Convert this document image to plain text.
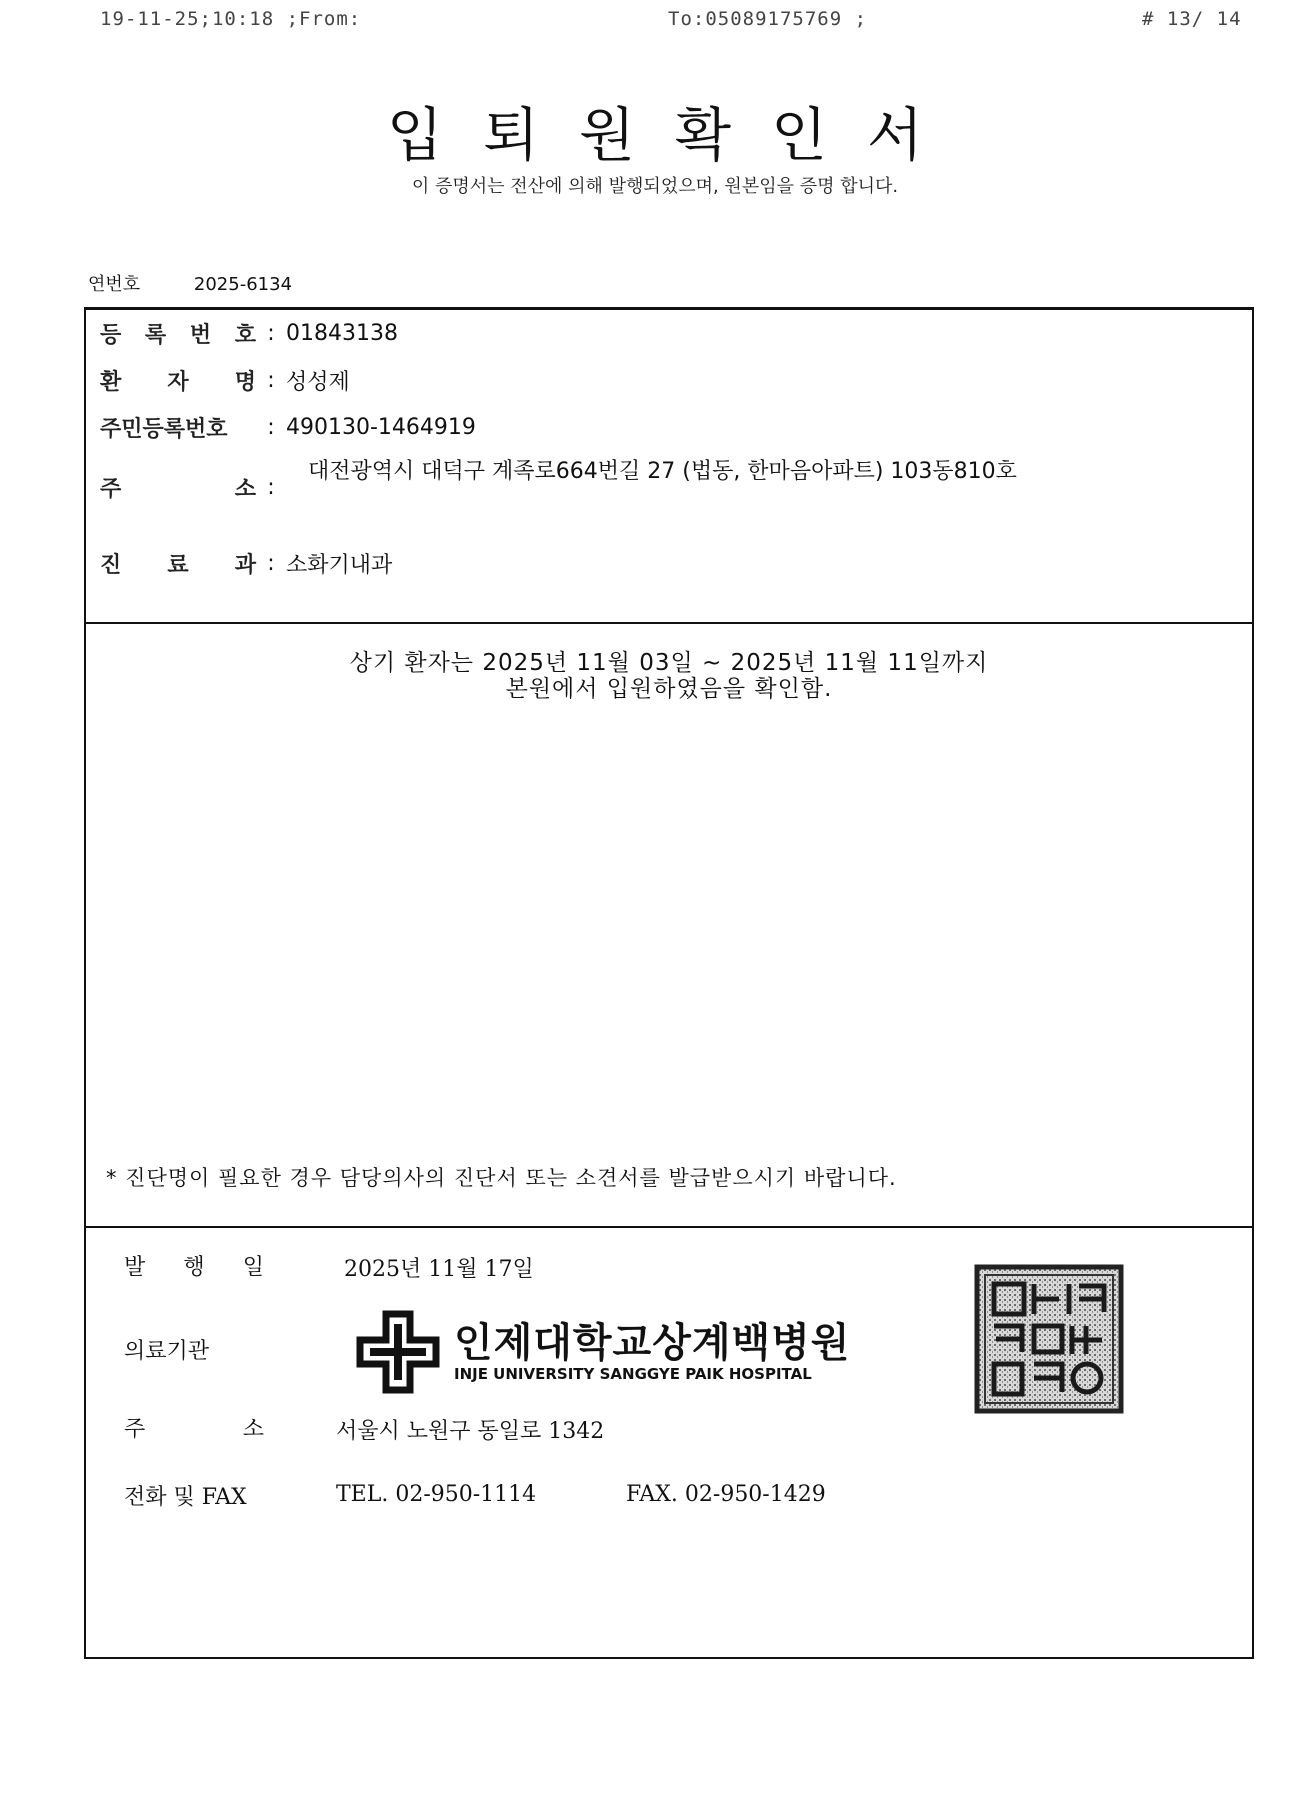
19-11-25;10:18 ;From:	To:05089175769 ;	# 13/ 14
입퇴원확인서
이 증명서는 전산에 의해 발행되었으며, 원본임을 증명 합니다.
연번호	2025-6134
등 록 번 호 : 01843138
환 자 명 : 성성제
주민등록번호	: 490130-1464919
주	소 :
대전광역시 대덕구 계족로664번길 27 (법동, 한마음아파트) 103동810호
진 료 과 : 소화기내과
상기 환자는 2025년 11월 03일 ~ 2025년 11월 11일까지
본원에서 입원하였음을 확인함.
* 진단명이 필요한 경우 담당의사의 진단서 또는 소견서를 발급받으시기 바랍니다.
발 행 일	2025년 11월 17일
의료기관
주	소	서울시 노원구 동일로 1342
전화 및 FAX	TEL. 02-950-1114	FAX. 02-950-1429
인제대학교상계백병원
INJE UNIVERSITY SANGGYE PAIK HOSPITAL
